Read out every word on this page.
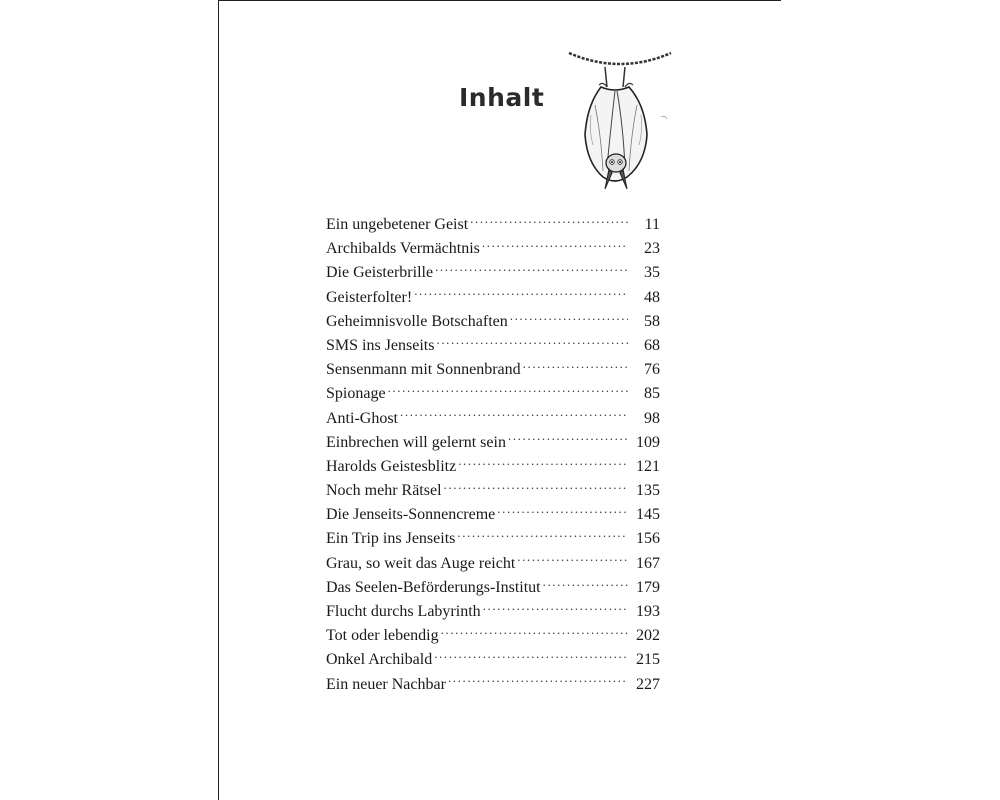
Inhalt
Ein ungebetener Geist .....	11
Archibalds Vermächtnis .....	23
Die Geisterbrille .....	35
Geisterfolter! .....	48
Geheimnisvolle Botschaften .....	58
SMS ins Jenseits .....	68
Sensenmann mit Sonnenbrand .....	76
Spionage .....	85
Anti-Ghost .....	98
Einbrechen will gelernt sein .....	109
Harolds Geistesblitz .....	121
Noch mehr Rätsel .....	135
Die Jenseits-Sonnencreme .....	145
Ein Trip ins Jenseits .....	156
Grau, so weit das Auge reicht .....	167
Das Seelen-Beförderungs-Institut .....	179
Flucht durchs Labyrinth .....	193
Tot oder lebendig .....	202
Onkel Archibald .....	215
Ein neuer Nachbar .....	227
